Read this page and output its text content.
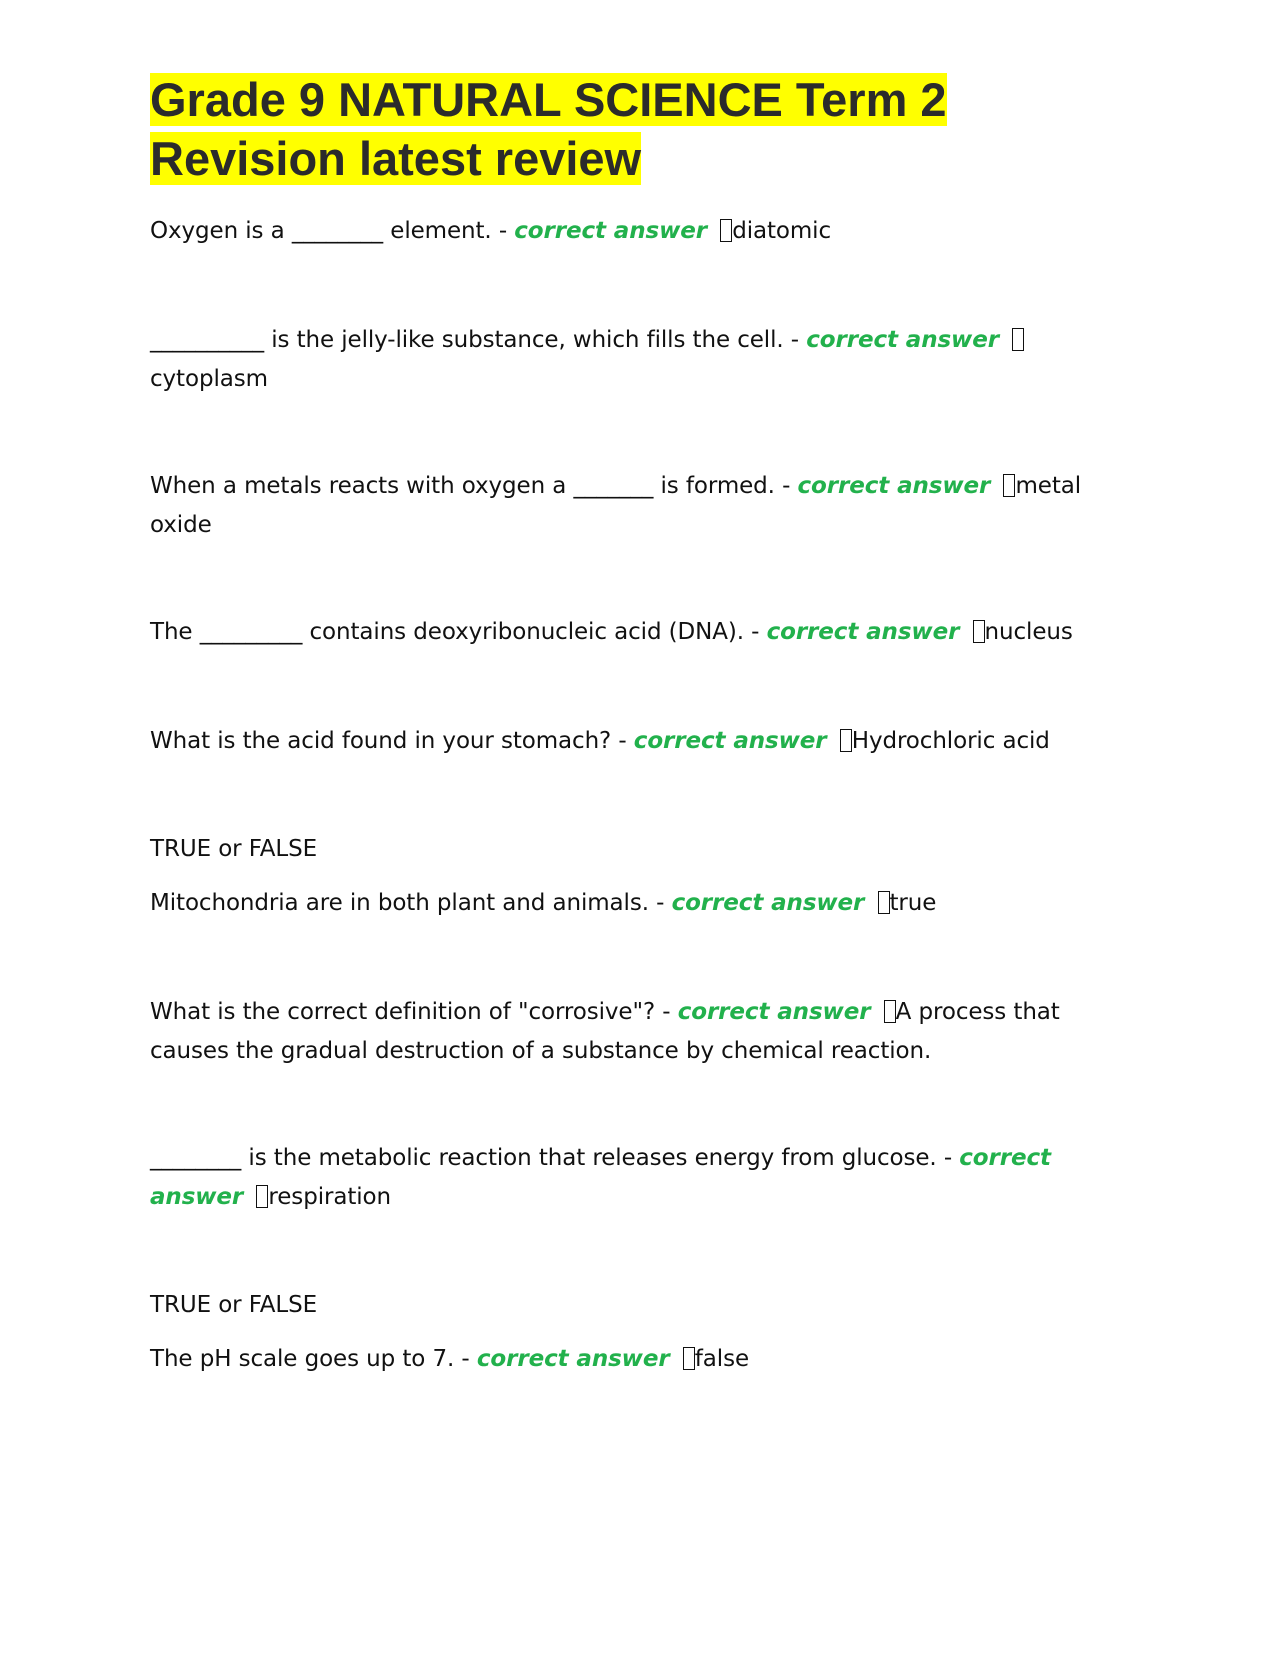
Grade 9 NATURAL SCIENCE Term 2
Revision latest review

Oxygen is a ________ element. - correct answer diatomic

__________ is the jelly-like substance, which fills the cell. - correct answer cytoplasm

When a metals reacts with oxygen a _______ is formed. - correct answer metal oxide

The _________ contains deoxyribonucleic acid (DNA). - correct answer nucleus

What is the acid found in your stomach? - correct answer Hydrochloric acid

TRUE or FALSE

Mitochondria are in both plant and animals. - correct answer true

What is the correct definition of "corrosive"? - correct answer A process that causes the gradual destruction of a substance by chemical reaction.

________ is the metabolic reaction that releases energy from glucose. - correct answer respiration

TRUE or FALSE

The pH scale goes up to 7. - correct answer false
